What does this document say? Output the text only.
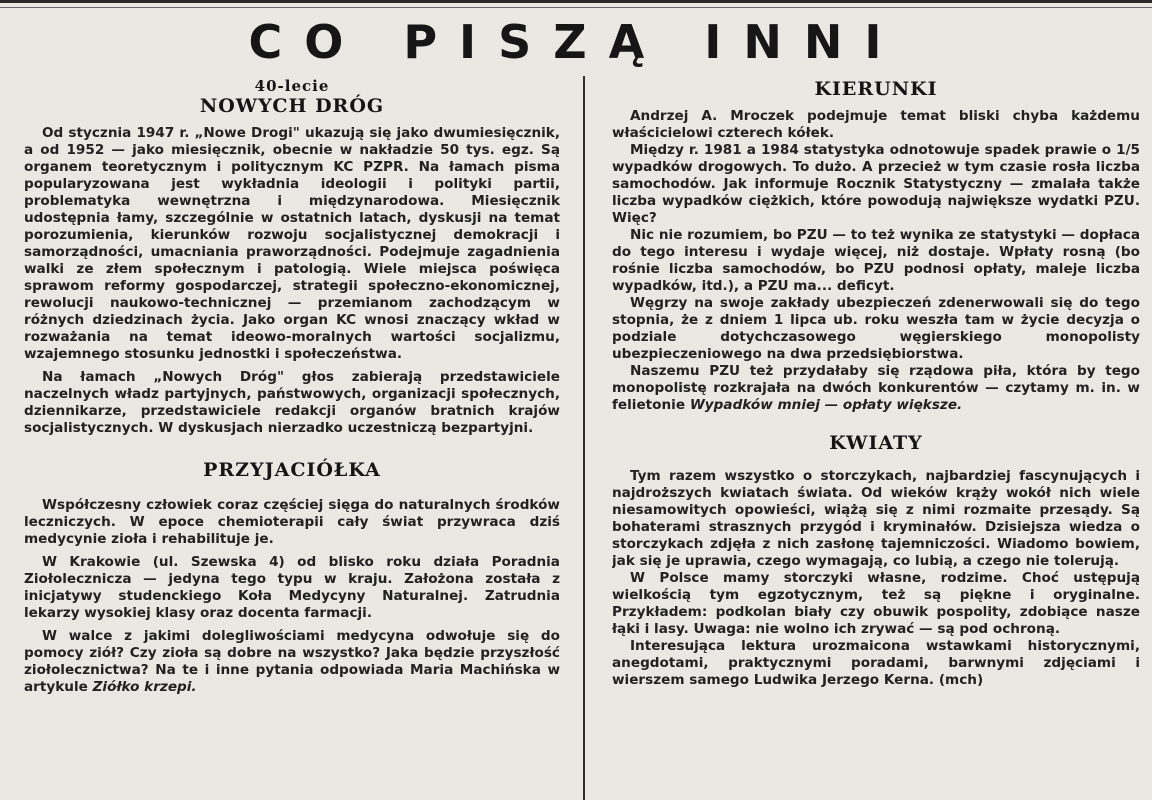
CO PISZĄ INNI
40-lecie
NOWYCH DRÓG

Od stycznia 1947 r. „Nowe Drogi" ukazują się jako dwumiesięcznik, a od 1952 — jako miesięcznik, obecnie w nakładzie 50 tys. egz. Są organem teoretycznym i politycznym KC PZPR. Na łamach pisma popularyzowana jest wykładnia ideologii i polityki partii, problematyka wewnętrzna i międzynarodowa. Miesięcznik udostępnia łamy, szczególnie w ostatnich latach, dyskusji na temat porozumienia, kierunków rozwoju socjalistycznej demokracji i samorządności, umacniania praworządności. Podejmuje zagadnienia walki ze złem społecznym i patologią. Wiele miejsca poświęca sprawom reformy gospodarczej, strategii społeczno-ekonomicznej, rewolucji naukowo-technicznej — przemianom zachodzącym w różnych dziedzinach życia. Jako organ KC wnosi znaczący wkład w rozważania na temat ideowo-moralnych wartości socjalizmu, wzajemnego stosunku jednostki i społeczeństwa.

Na łamach „Nowych Dróg" głos zabierają przedstawiciele naczelnych władz partyjnych, państwowych, organizacji społecznych, dziennikarze, przedstawiciele redakcji organów bratnich krajów socjalistycznych. W dyskusjach nierzadko uczestniczą bezpartyjni.

PRZYJACIÓŁKA

Współczesny człowiek coraz częściej sięga do naturalnych środków leczniczych. W epoce chemioterapii cały świat przywraca dziś medycynie zioła i rehabilituje je.

W Krakowie (ul. Szewska 4) od blisko roku działa Poradnia Ziołolecznicza — jedyna tego typu w kraju. Założona została z inicjatywy studenckiego Koła Medycyny Naturalnej. Zatrudnia lekarzy wysokiej klasy oraz docenta farmacji.

W walce z jakimi dolegliwościami medycyna odwołuje się do pomocy ziół? Czy zioła są dobre na wszystko? Jaka będzie przyszłość ziołolecznictwa? Na te i inne pytania odpowiada Maria Machińska w artykule Ziółko krzepi.

KIERUNKI

Andrzej A. Mroczek podejmuje temat bliski chyba każdemu właścicielowi czterech kółek.

Między r. 1981 a 1984 statystyka odnotowuje spadek prawie o 1/5 wypadków drogowych. To dużo. A przecież w tym czasie rosła liczba samochodów. Jak informuje Rocznik Statystyczny — zmalała także liczba wypadków ciężkich, które powodują największe wydatki PZU. Więc?

Nic nie rozumiem, bo PZU — to też wynika ze statystyki — dopłaca do tego interesu i wydaje więcej, niż dostaje. Wpłaty rosną (bo rośnie liczba samochodów, bo PZU podnosi opłaty, maleje liczba wypadków, itd.), a PZU ma... deficyt.

Węgrzy na swoje zakłady ubezpieczeń zdenerwowali się do tego stopnia, że z dniem 1 lipca ub. roku weszła tam w życie decyzja o podziale dotychczasowego węgierskiego monopolisty ubezpieczeniowego na dwa przedsiębiorstwa.

Naszemu PZU też przydałaby się rządowa piła, która by tego monopolistę rozkrajała na dwóch konkurentów — czytamy m. in. w felietonie Wypadków mniej — opłaty większe.

KWIATY

Tym razem wszystko o storczykach, najbardziej fascynujących i najdroższych kwiatach świata. Od wieków krąży wokół nich wiele niesamowitych opowieści, wiążą się z nimi rozmaite przesądy. Są bohaterami strasznych przygód i kryminałów. Dzisiejsza wiedza o storczykach zdjęła z nich zasłonę tajemniczości. Wiadomo bowiem, jak się je uprawia, czego wymagają, co lubią, a czego nie tolerują.

W Polsce mamy storczyki własne, rodzime. Choć ustępują wielkością tym egzotycznym, też są piękne i oryginalne. Przykładem: podkolan biały czy obuwik pospolity, zdobiące nasze łąki i lasy. Uwaga: nie wolno ich zrywać — są pod ochroną.

Interesująca lektura urozmaicona wstawkami historycznymi, anegdotami, praktycznymi poradami, barwnymi zdjęciami i wierszem samego Ludwika Jerzego Kerna. (mch)
